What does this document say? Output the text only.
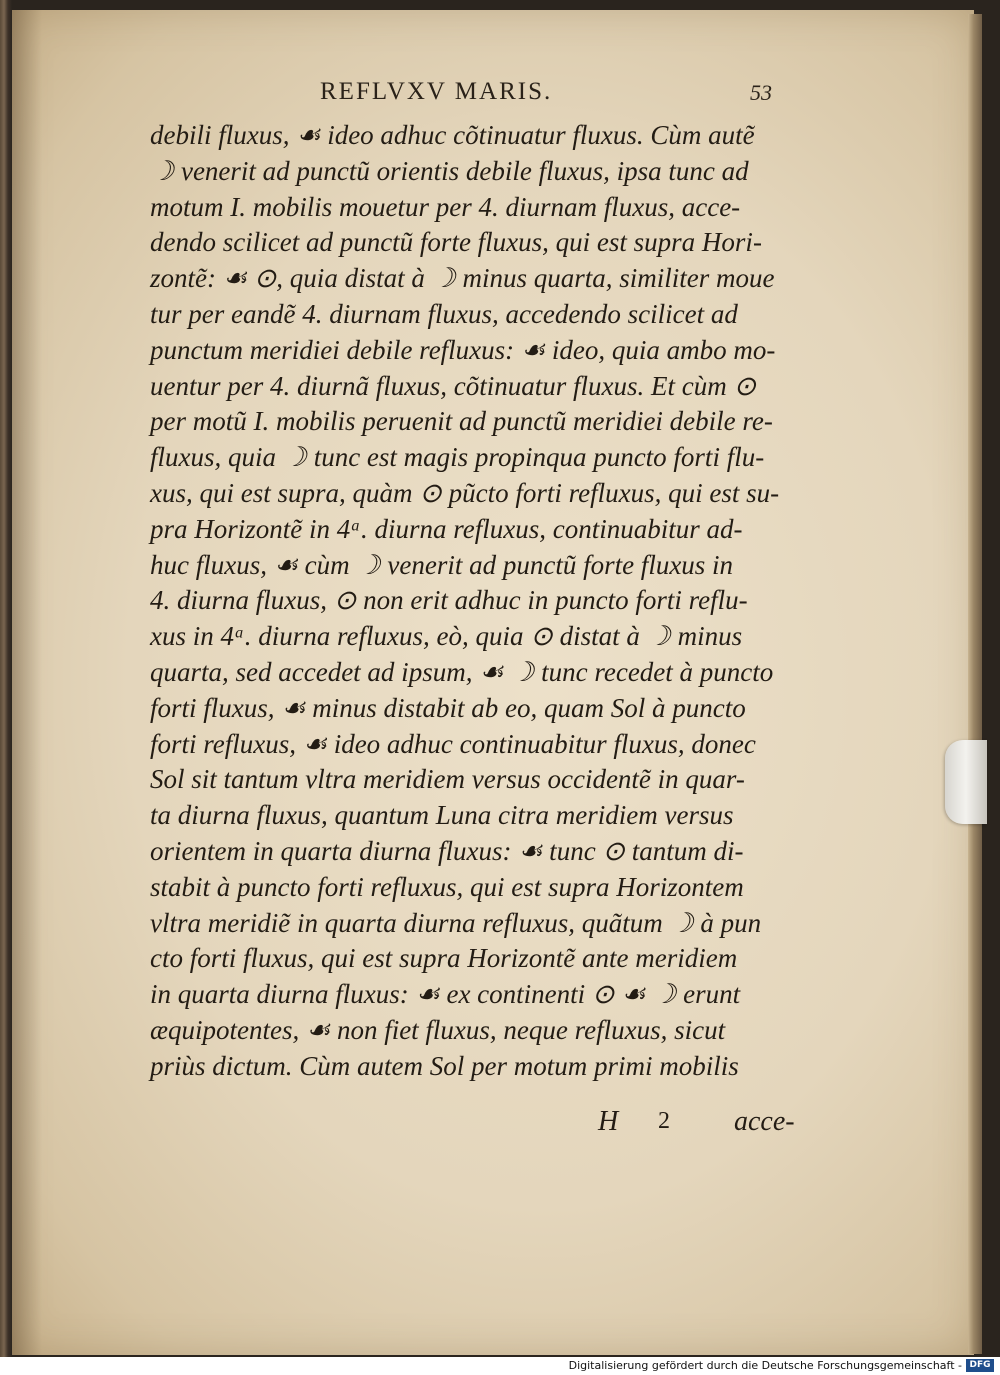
REFLVXV MARIS.	53
debili fluxus, ☙ ideo adhuc cõtinuatur fluxus. Cùm autẽ
☽ venerit ad punctũ orientis debile fluxus, ipsa tunc ad
motum I. mobilis mouetur per 4. diurnam fluxus, acce-
dendo scilicet ad punctũ forte fluxus, qui est supra Hori-
zontẽ: ☙ ⊙, quia distat à ☽ minus quarta, similiter moue
tur per eandẽ 4. diurnam fluxus, accedendo scilicet ad
punctum meridiei debile refluxus: ☙ ideo, quia ambo mo-
uentur per 4. diurnã fluxus, cõtinuatur fluxus. Et cùm ⊙
per motũ I. mobilis peruenit ad punctũ meridiei debile re-
fluxus, quia ☽ tunc est magis propinqua puncto forti flu-
xus, qui est supra, quàm ⊙ pũcto forti refluxus, qui est su-
pra Horizontẽ in 4ᵃ. diurna refluxus, continuabitur ad-
huc fluxus, ☙ cùm ☽ venerit ad punctũ forte fluxus in
4. diurna fluxus, ⊙ non erit adhuc in puncto forti reflu-
xus in 4ᵃ. diurna refluxus, eò, quia ⊙ distat à ☽ minus
quarta, sed accedet ad ipsum, ☙ ☽ tunc recedet à puncto
forti fluxus, ☙ minus distabit ab eo, quam Sol à puncto
forti refluxus, ☙ ideo adhuc continuabitur fluxus, donec
Sol sit tantum vltra meridiem versus occidentẽ in quar-
ta diurna fluxus, quantum Luna citra meridiem versus
orientem in quarta diurna fluxus: ☙ tunc ⊙ tantum di-
stabit à puncto forti refluxus, qui est supra Horizontem
vltra meridiẽ in quarta diurna refluxus, quãtum ☽ à pun
cto forti fluxus, qui est supra Horizontẽ ante meridiem
in quarta diurna fluxus: ☙ ex continenti ⊙ ☙ ☽ erunt
æquipotentes, ☙ non fiet fluxus, neque refluxus, sicut
priùs dictum. Cùm autem Sol per motum primi mobilis
H 2 acce-
Digitalisierung gefördert durch die Deutsche Forschungsgemeinschaft - DFG
